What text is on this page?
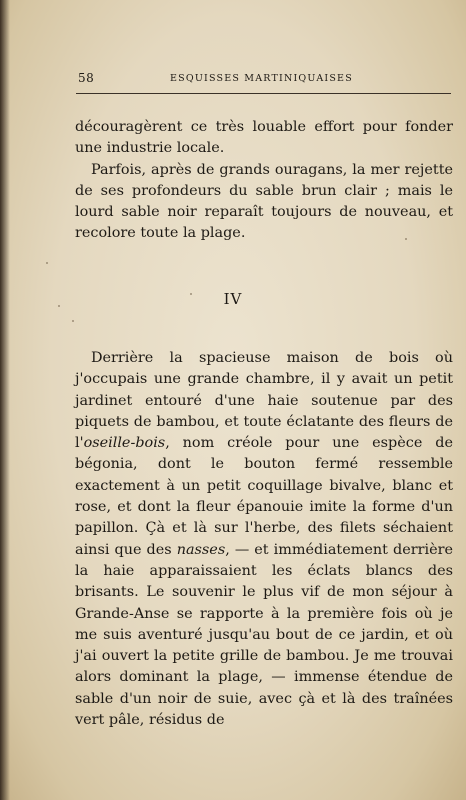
58	ESQUISSES MARTINIQUAISES

découragèrent ce très louable effort pour fonder une industrie locale.

Parfois, après de grands ouragans, la mer rejette de ses profondeurs du sable brun clair ; mais le lourd sable noir reparaît toujours de nouveau, et recolore toute la plage.

IV

Derrière la spacieuse maison de bois où j'occupais une grande chambre, il y avait un petit jardinet entouré d'une haie soutenue par des piquets de bambou, et toute éclatante des fleurs de l'oseille-bois, nom créole pour une espèce de bégonia, dont le bouton fermé ressemble exactement à un petit coquillage bivalve, blanc et rose, et dont la fleur épanouie imite la forme d'un papillon. Çà et là sur l'herbe, des filets séchaient ainsi que des nasses, — et immédiatement derrière la haie apparaissaient les éclats blancs des brisants. Le souvenir le plus vif de mon séjour à Grande-Anse se rapporte à la première fois où je me suis aventuré jusqu'au bout de ce jardin, et où j'ai ouvert la petite grille de bambou. Je me trouvai alors dominant la plage, — immense étendue de sable d'un noir de suie, avec çà et là des traînées vert pâle, résidus de
